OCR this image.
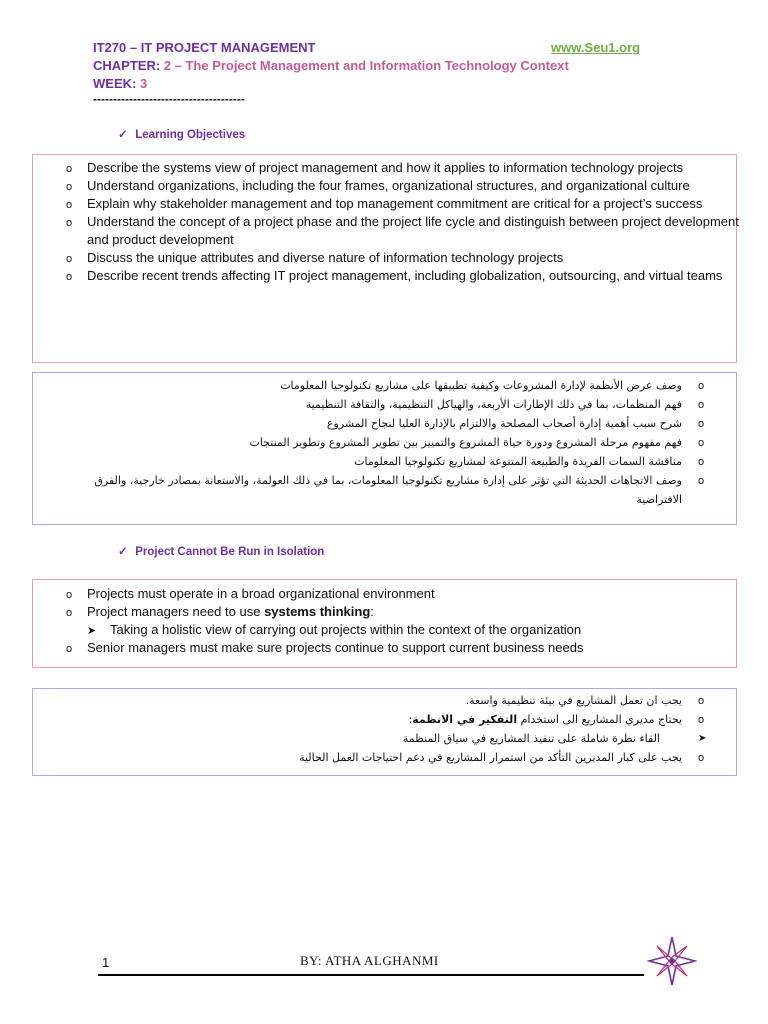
IT270 – IT PROJECT MANAGEMENT	www.Seu1.org
CHAPTER: 2 – The Project Management and Information Technology Context
WEEK: 3
--------------------------------------
✓ Learning Objectives
o Describe the systems view of project management and how it applies to information technology projects
o Understand organizations, including the four frames, organizational structures, and organizational culture
o Explain why stakeholder management and top management commitment are critical for a project’s success
o Understand the concept of a project phase and the project life cycle and distinguish between project development and product development
o Discuss the unique attributes and diverse nature of information technology projects
o Describe recent trends affecting IT project management, including globalization, outsourcing, and virtual teams
وصف عرض الأنظمة لإدارة المشروعات وكيفية تطبيقها على مشاريع تكنولوجيا المعلومات
فهم المنظمات، بما في ذلك الإطارات الأربعة، والهياكل التنظيمية، والثقافة التنظيمية
شرح سبب أهمية إدارة أصحاب المصلحة والالتزام بالإدارة العليا لنجاح المشروع
فهم مفهوم مرحلة المشروع ودورة حياة المشروع والتمييز بين تطوير المشروع وتطوير المنتجات
مناقشة السمات الفريدة والطبيعة المتنوعة لمشاريع تكنولوجيا المعلومات
وصف الاتجاهات الحديثة التي تؤثر على إدارة مشاريع تكنولوجيا المعلومات، بما في ذلك العولمة، والاستعانة بمصادر خارجية، والفرق الافتراضية
o
o
o
o
o
o
✓ Project Cannot Be Run in Isolation
o Projects must operate in a broad organizational environment
o Project managers need to use systems thinking:
➤ Taking a holistic view of carrying out projects within the context of the organization
o Senior managers must make sure projects continue to support current business needs
يجب ان تعمل المشاريع في بيئة تنظيمية واسعة.
يحتاج مديري المشاريع الى استخدام التفكير في الانظمة:
القاء نظرة شاملة على تنفيذ المشاريع في سياق المنظمة
يجب على كبار المديرين التأكد من استمرار المشاريع في دعم احتياجات العمل الحالية
o
o
➤
o
1	BY: ATHA ALGHANMI
